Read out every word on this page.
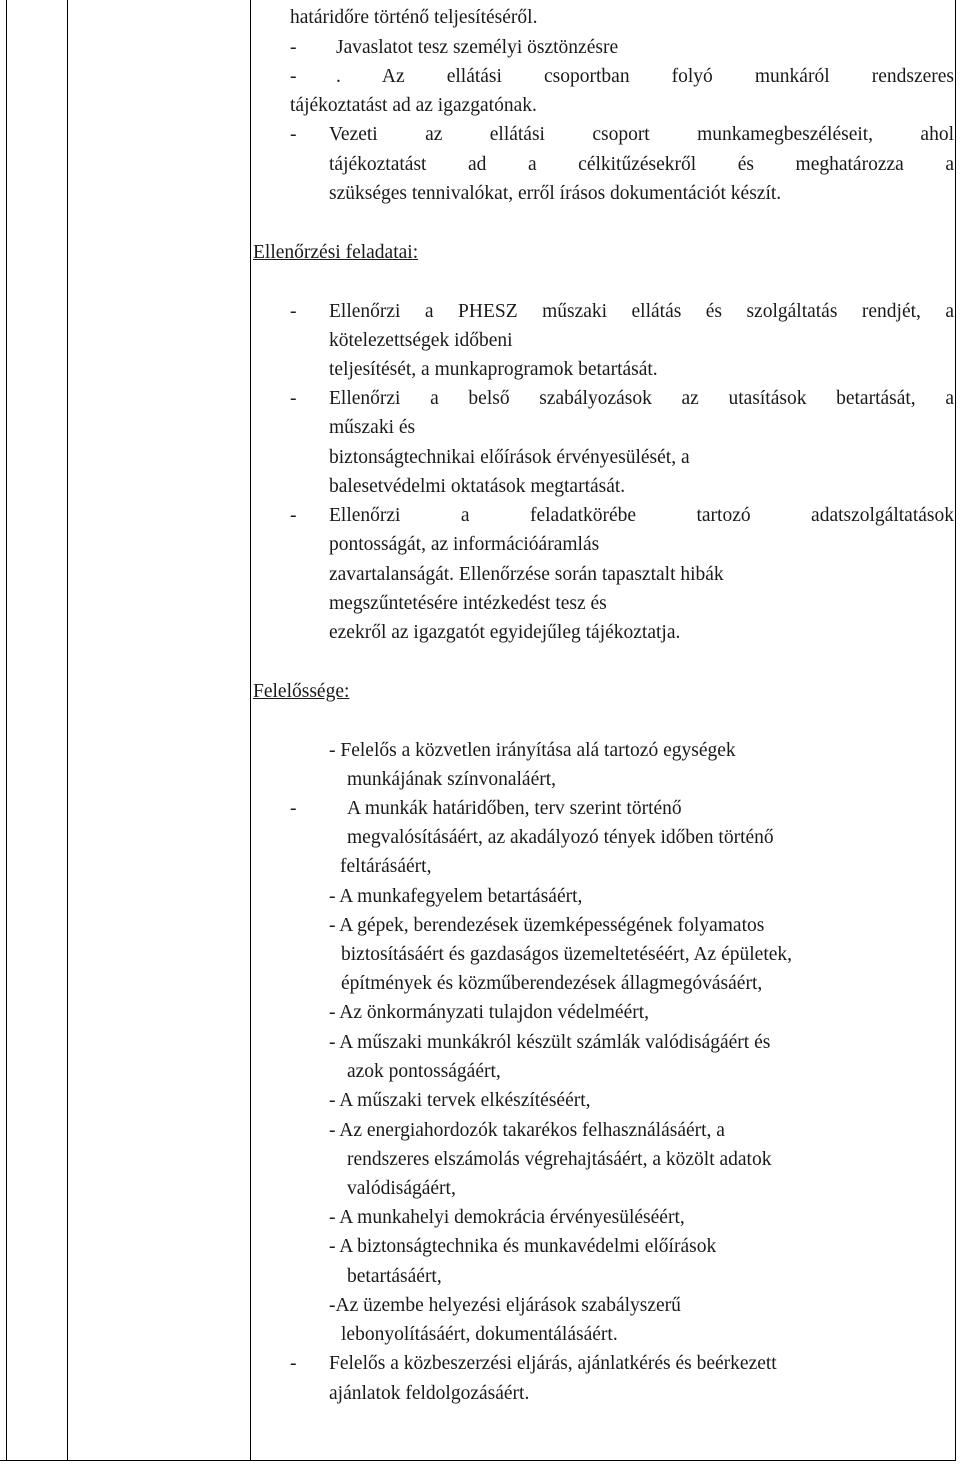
határidőre történő teljesítéséről.
- Javaslatot tesz személyi ösztönzésre
- . Az ellátási csoportban folyó munkáról rendszeres
tájékoztatást ad az igazgatónak.
- Vezeti az ellátási csoport munkamegbeszéléseit, ahol
tájékoztatást ad a célkitűzésekről és meghatározza a
szükséges tennivalókat, erről írásos dokumentációt készít.
Ellenőrzési feladatai:
- Ellenőrzi a PHESZ műszaki ellátás és szolgáltatás rendjét, a
kötelezettségek időbeni
teljesítését, a munkaprogramok betartását.
- Ellenőrzi a belső szabályozások az utasítások betartását, a
műszaki és
biztonságtechnikai előírások érvényesülését, a
balesetvédelmi oktatások megtartását.
- Ellenőrzi a feladatkörébe tartozó adatszolgáltatások
pontosságát, az információáramlás
zavartalanságát. Ellenőrzése során tapasztalt hibák
megszűntetésére intézkedést tesz és
ezekről az igazgatót egyidejűleg tájékoztatja.
Felelőssége:
- Felelős a közvetlen irányítása alá tartozó egységek
munkájának színvonaláért,
-	A munkák határidőben, terv szerint történő
megvalósításáért, az akadályozó tények időben történő
feltárásáért,
- A munkafegyelem betartásáért,
- A gépek, berendezések üzemképességének folyamatos
biztosításáért és gazdaságos üzemeltetéséért, Az épületek,
építmények és közműberendezések állagmegóvásáért,
- Az önkormányzati tulajdon védelméért,
- A műszaki munkákról készült számlák valódiságáért és
azok pontosságáért,
- A műszaki tervek elkészítéséért,
- Az energiahordozók takarékos felhasználásáért, a
rendszeres elszámolás végrehajtásáért, a közölt adatok
valódiságáért,
- A munkahelyi demokrácia érvényesüléséért,
- A biztonságtechnika és munkavédelmi előírások
betartásáért,
-Az üzembe helyezési eljárások szabályszerű
lebonyolításáért, dokumentálásáért.
- Felelős a közbeszerzési eljárás, ajánlatkérés és beérkezett
ajánlatok feldolgozásáért.
